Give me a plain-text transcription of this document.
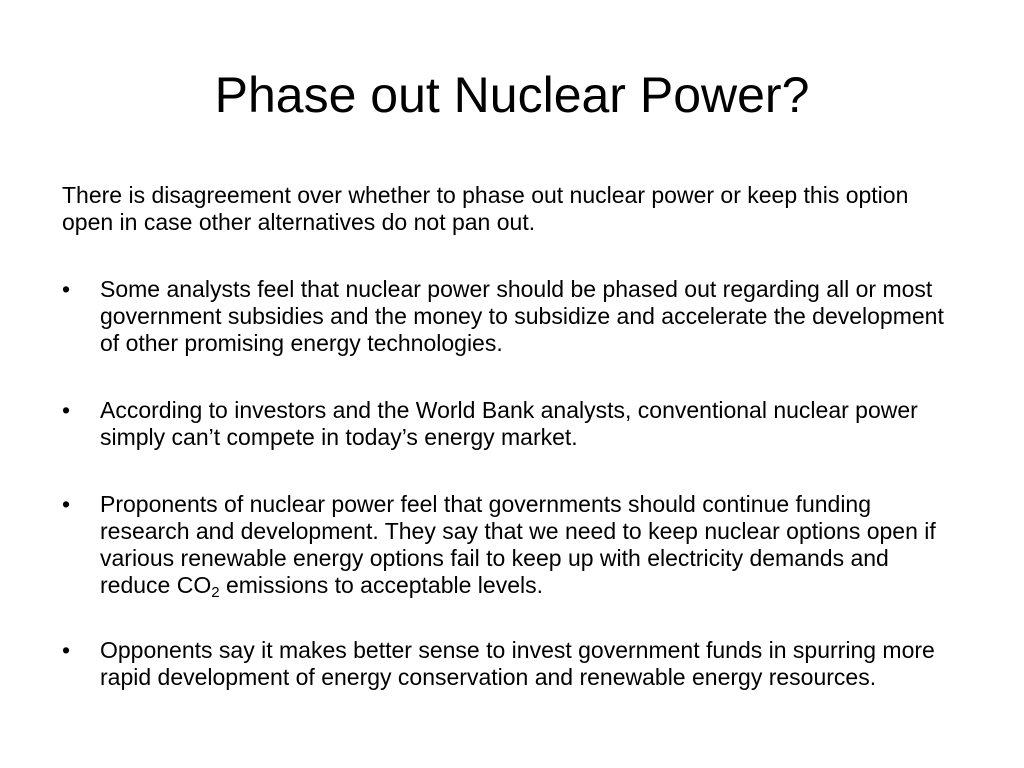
Phase out Nuclear Power?

There is disagreement over whether to phase out nuclear power or keep this option open in case other alternatives do not pan out.

•	Some analysts feel that nuclear power should be phased out regarding all or most government subsidies and the money to subsidize and accelerate the development of other promising energy technologies.
•	According to investors and the World Bank analysts, conventional nuclear power simply can’t compete in today’s energy market.
•	Proponents of nuclear power feel that governments should continue funding research and development. They say that we need to keep nuclear options open if various renewable energy options fail to keep up with electricity demands and reduce $CO_2$ emissions to acceptable levels.
•	Opponents say it makes better sense to invest government funds in spurring more rapid development of energy conservation and renewable energy resources.
